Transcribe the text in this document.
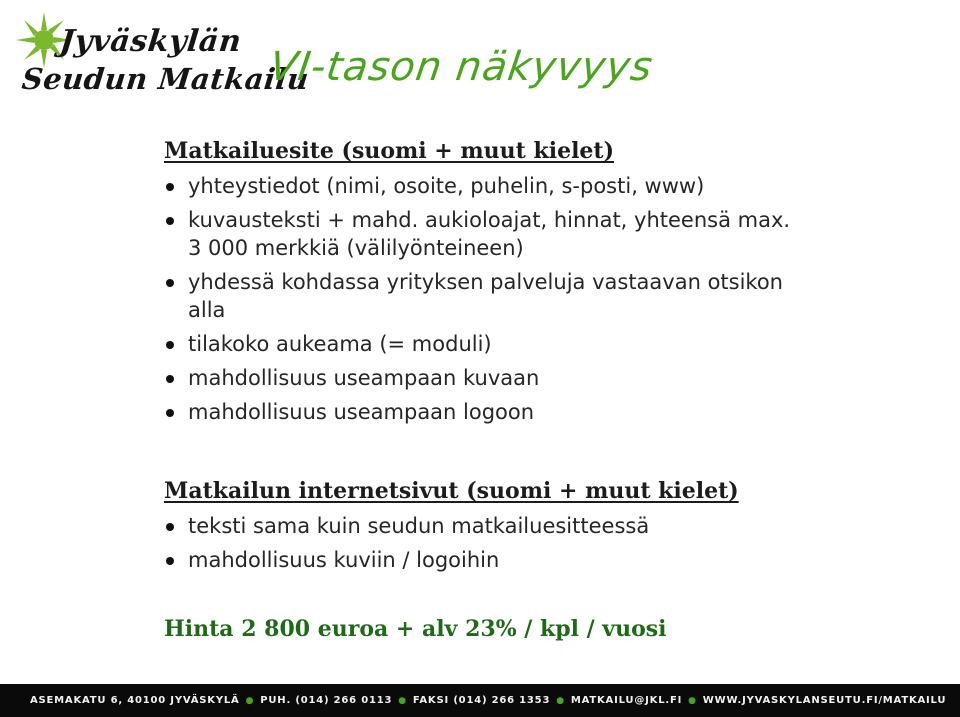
Jyväskylän
Seudun Matkailu
VI-tason näkyvyys
Matkailuesite (suomi + muut kielet)
yhteystiedot (nimi, osoite, puhelin, s-posti, www)
kuvausteksti + mahd. aukioloajat, hinnat, yhteensä max. 3 000 merkkiä (välilyönteineen)
yhdessä kohdassa yrityksen palveluja vastaavan otsikon alla
tilakoko aukeama (= moduli)
mahdollisuus useampaan kuvaan
mahdollisuus useampaan logoon
Matkailun internetsivut (suomi + muut kielet)
teksti sama kuin seudun matkailuesitteessä
mahdollisuus kuviin / logoihin
Hinta 2 800 euroa + alv 23% / kpl / vuosi
ASEMAKATU 6, 40100 JYVÄSKYLÄ ● PUH.
(014) 266 0113 ● FAKSI
(014) 266 1353 ● MATKAILU@JKL.FI ● WWW.JYVASKYLANSEUTU.FI/MATKAILU
